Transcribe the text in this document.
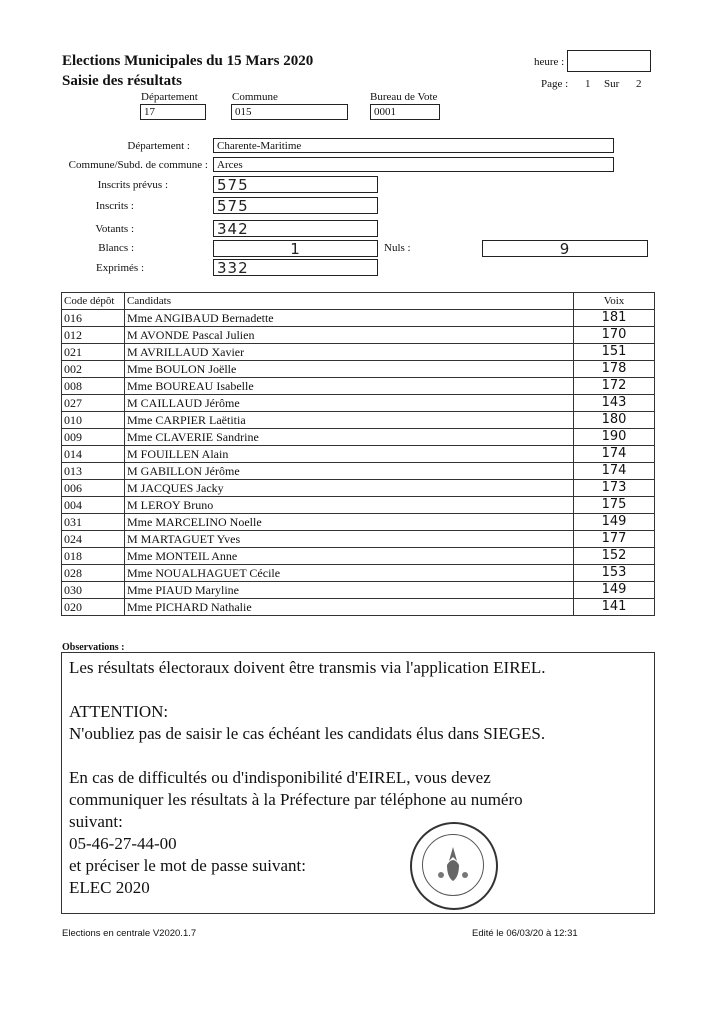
Elections Municipales du 15 Mars 2020
Saisie des résultats
heure :
Page : 1 Sur 2
Département
17
Commune
015
Bureau de Vote
0001
Département :	Charente-Maritime
Commune/Subd. de commune : Arces
Inscrits prévus :	575
Inscrits :	575
Votants :	342
Blancs :	1	Nuls :	9
Exprimés :	332
Code dépôt	Candidats	Voix
016	Mme ANGIBAUD Bernadette	181
012	M AVONDE Pascal Julien	170
021	M AVRILLAUD Xavier	151
002	Mme BOULON Joëlle	178
008	Mme BOUREAU Isabelle	172
027	M CAILLAUD Jérôme	143
010	Mme CARPIER Laëtitia	180
009	Mme CLAVERIE Sandrine	190
014	M FOUILLEN Alain	174
013	M GABILLON Jérôme	174
006	M JACQUES Jacky	173
004	M LEROY Bruno	175
031	Mme MARCELINO Noelle	149
024	M MARTAGUET Yves	177
018	Mme MONTEIL Anne	152
028	Mme NOUALHAGUET Cécile	153
030	Mme PIAUD Maryline	149
020	Mme PICHARD Nathalie	141
Observations :

Les résultats électoraux doivent être transmis via l'application EIREL.

ATTENTION:

N'oubliez pas de saisir le cas échéant les candidats élus dans SIEGES.

En cas de difficultés ou d'indisponibilité d'EIREL, vous devez

communiquer les résultats à la Préfecture par téléphone au numéro

suivant:

05-46-27-44-00

et préciser le mot de passe suivant:

ELEC 2020

Elections en centrale V2020.1.7	Edité le 06/03/20 à 12:31
